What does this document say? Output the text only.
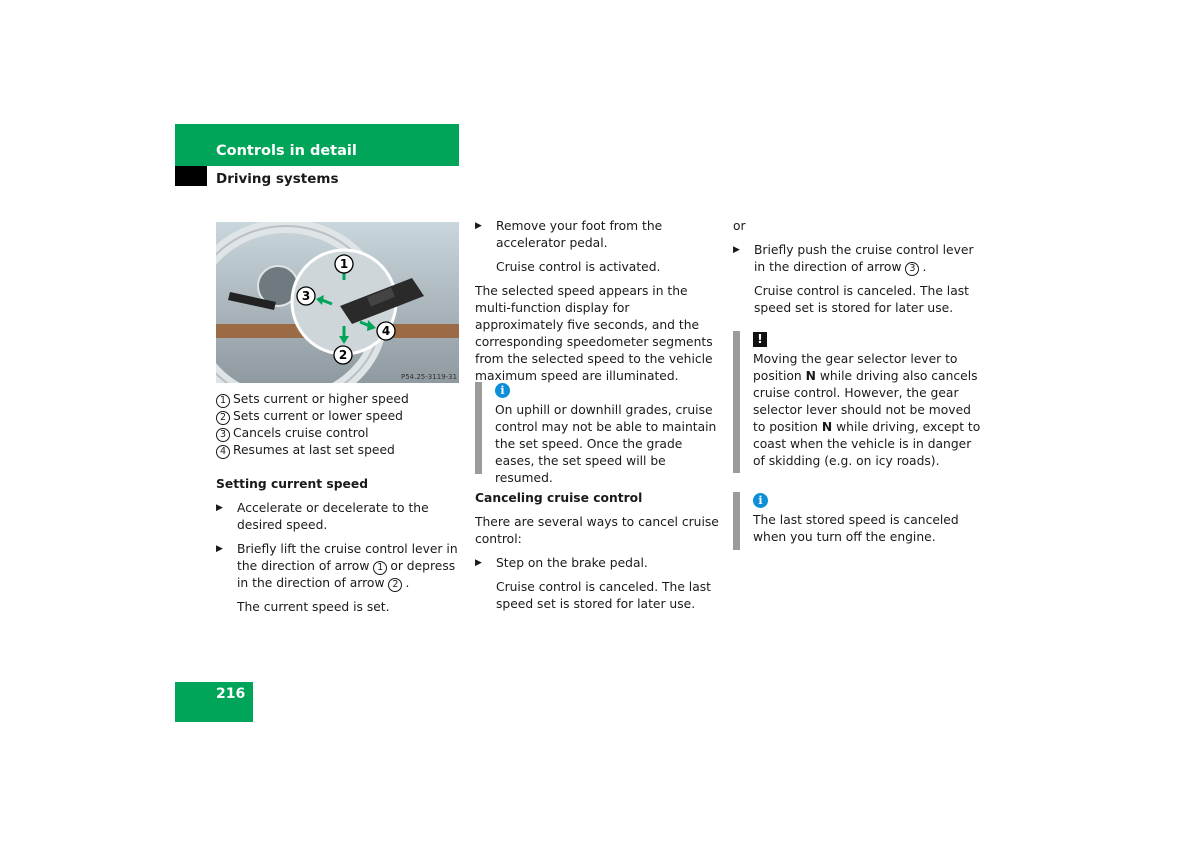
Controls in detail
Driving systems
1
2
3
4
P54.25-3119-31

1 Sets current or higher speed

2 Sets current or lower speed

3 Cancels cruise control

4 Resumes at last set speed

Setting current speed

▶ Accelerate or decelerate to the desired speed.

▶ Briefly lift the cruise control lever in the direction of arrow 1 or depress in the direction of arrow 2 .

The current speed is set.

▶ Remove your foot from the accelerator pedal.

Cruise control is activated.

The selected speed appears in the multi-function display for approximately five seconds, and the corresponding speedometer segments from the selected speed to the vehicle maximum speed are illuminated.

i

On uphill or downhill grades, cruise control may not be able to maintain the set speed. Once the grade eases, the set speed will be resumed.

Canceling cruise control

There are several ways to cancel cruise control:

▶ Step on the brake pedal.

Cruise control is canceled. The last speed set is stored for later use.

or

▶ Briefly push the cruise control lever in the direction of arrow 3 .

Cruise control is canceled. The last speed set is stored for later use.

!

Moving the gear selector lever to position N while driving also cancels cruise control. However, the gear selector lever should not be moved to position N while driving, except to coast when the vehicle is in danger of skidding (e.g. on icy roads).

i

The last stored speed is canceled when you turn off the engine.

216
